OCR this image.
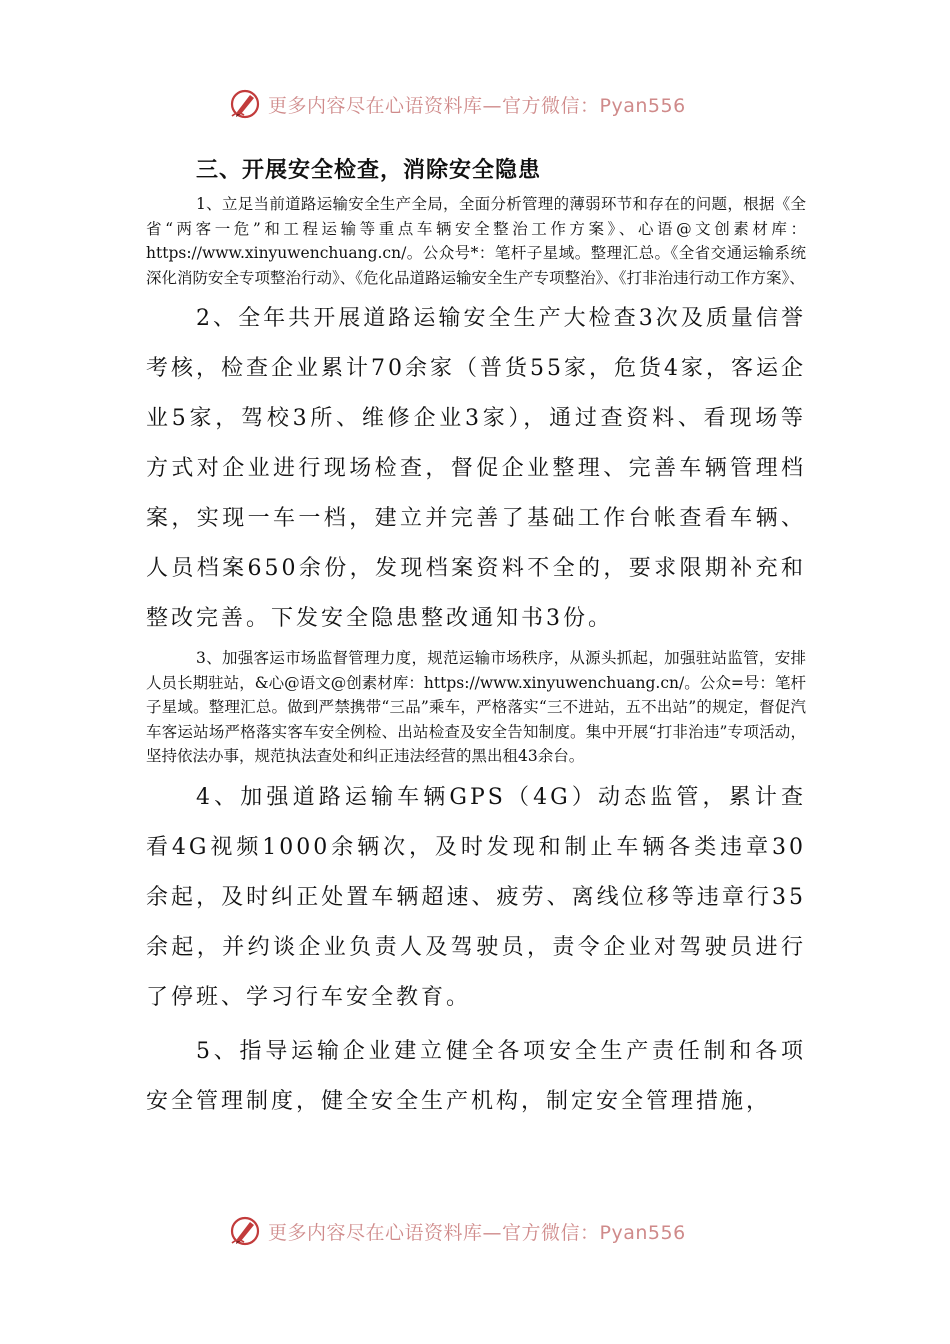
更多内容尽在心语资料库—官方微信：Pyan556
三、开展安全检查，消除安全隐患

1、立足当前道路运输安全生产全局，全面分析管理的薄弱环节和存在的问题，根据《全省“两客一危”和工程运输等重点车辆安全整治工作方案》、心语@文创素材库：https://www.xinyuwenchuang.cn/。公众号*：笔杆子星域。整理汇总。《全省交通运输系统深化消防安全专项整治行动》、《危化品道路运输安全生产专项整治》、《打非治违行动工作方案》、

2、全年共开展道路运输安全生产大检查3次及质量信誉考核，检查企业累计70余家（普货55家，危货4家，客运企业5家，驾校3所、维修企业3家），通过查资料、看现场等方式对企业进行现场检查，督促企业整理、完善车辆管理档案，实现一车一档，建立并完善了基础工作台帐查看车辆、人员档案650余份，发现档案资料不全的，要求限期补充和整改完善。下发安全隐患整改通知书3份。

3、加强客运市场监督管理力度，规范运输市场秩序，从源头抓起，加强驻站监管，安排人员长期驻站，&心@语文@创素材库：https://www.xinyuwenchuang.cn/。公众=号：笔杆子星域。整理汇总。做到严禁携带“三品”乘车，严格落实“三不进站，五不出站”的规定，督促汽车客运站场严格落实客车安全例检、出站检查及安全告知制度。集中开展“打非治违”专项活动，坚持依法办事，规范执法查处和纠正违法经营的黑出租43余台。

4、加强道路运输车辆GPS（4G）动态监管，累计查看4G视频1000余辆次，及时发现和制止车辆各类违章30余起，及时纠正处置车辆超速、疲劳、离线位移等违章行35余起，并约谈企业负责人及驾驶员，责令企业对驾驶员进行了停班、学习行车安全教育。

5、指导运输企业建立健全各项安全生产责任制和各项安全管理制度，健全安全生产机构，制定安全管理措施，

更多内容尽在心语资料库—官方微信：Pyan556
